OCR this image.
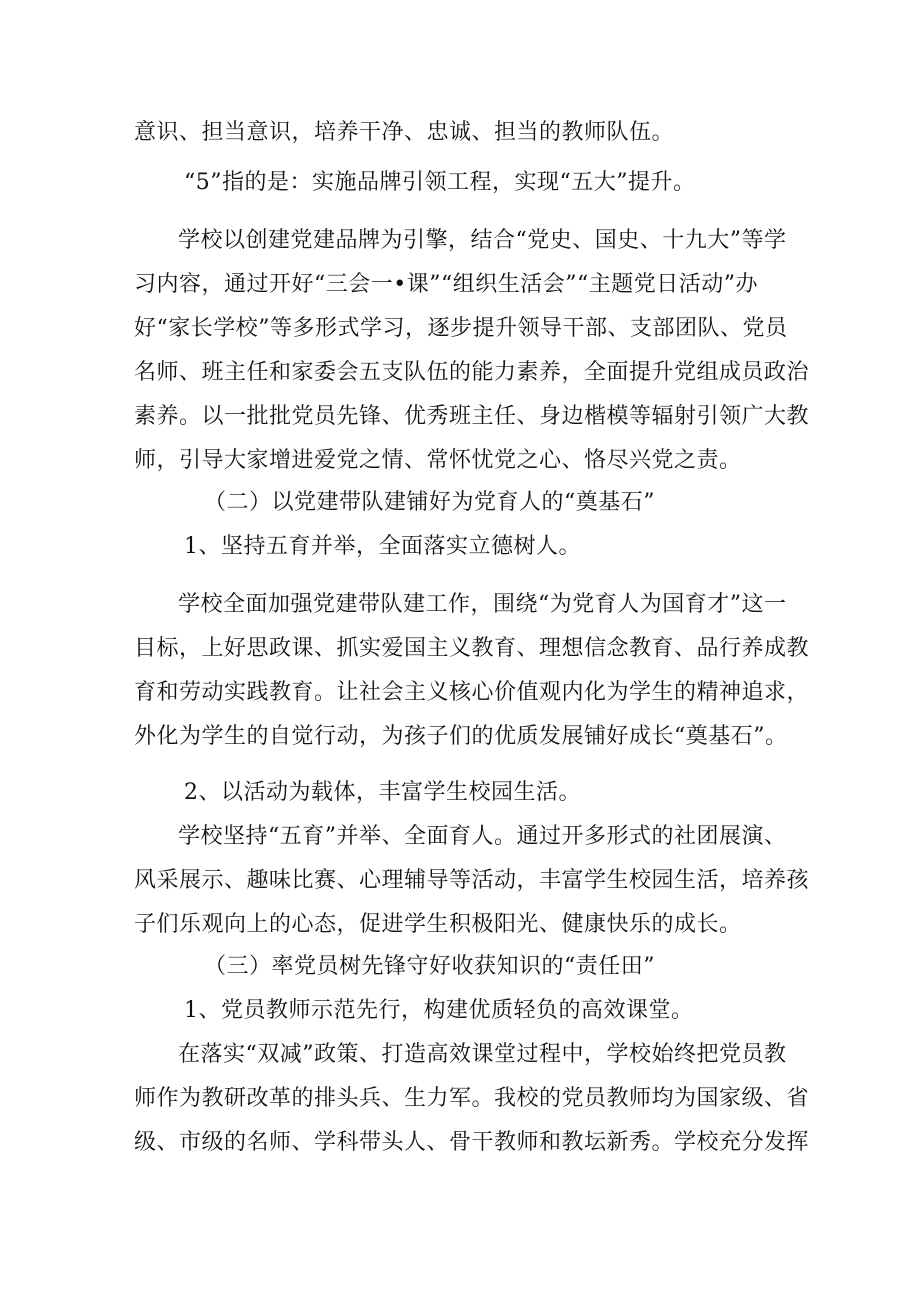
意识、担当意识，培养干净、忠诚、担当的教师队伍。
“5”指的是：实施品牌引领工程，实现“五大”提升。
学校以创建党建品牌为引擎，结合“党史、国史、十九大”等学
习内容，通过开好“三会一•课”“组织生活会”“主题党日活动”办
好“家长学校”等多形式学习，逐步提升领导干部、支部团队、党员
名师、班主任和家委会五支队伍的能力素养，全面提升党组成员政治
素养。以一批批党员先锋、优秀班主任、身边楷模等辐射引领广大教
师，引导大家增进爱党之情、常怀忧党之心、恪尽兴党之责。
（二）以党建带队建铺好为党育人的“奠基石”
1、坚持五育并举，全面落实立德树人。
学校全面加强党建带队建工作，围绕“为党育人为国育才”这一
目标，上好思政课、抓实爱国主义教育、理想信念教育、品行养成教
育和劳动实践教育。让社会主义核心价值观内化为学生的精神追求，
外化为学生的自觉行动，为孩子们的优质发展铺好成长“奠基石”。
2、以活动为载体，丰富学生校园生活。
学校坚持“五育”并举、全面育人。通过开多形式的社团展演、
风采展示、趣味比赛、心理辅导等活动，丰富学生校园生活，培养孩
子们乐观向上的心态，促进学生积极阳光、健康快乐的成长。
（三）率党员树先锋守好收获知识的“责任田”
1、党员教师示范先行，构建优质轻负的高效课堂。
在落实“双减”政策、打造高效课堂过程中，学校始终把党员教
师作为教研改革的排头兵、生力军。我校的党员教师均为国家级、省
级、市级的名师、学科带头人、骨干教师和教坛新秀。学校充分发挥
